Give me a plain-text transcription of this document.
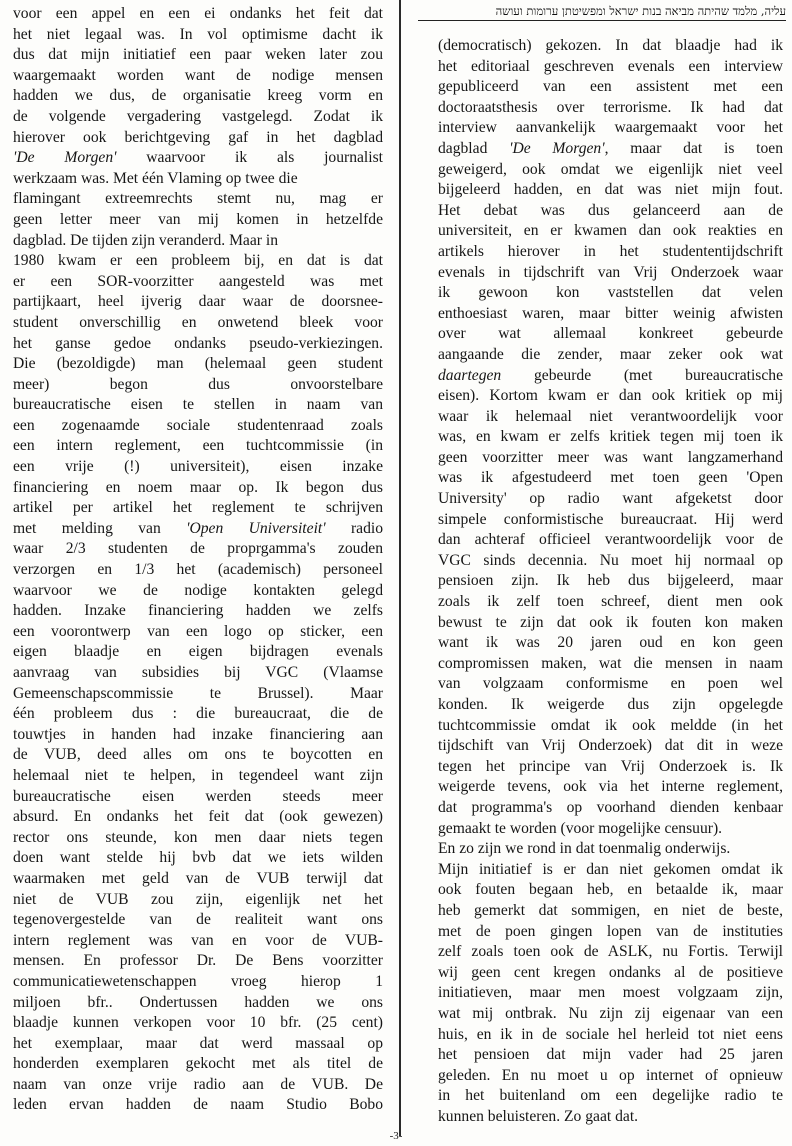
עליה, מלמד שהיתה מביאה בנות ישראל ומפשיטתן ערומות ועושה
voor een appel en een ei ondanks het feit dat
het niet legaal was. In vol optimisme dacht ik
dus dat mijn initiatief een paar weken later zou
waargemaakt worden want de nodige mensen
hadden we dus, de organisatie kreeg vorm en
de volgende vergadering vastgelegd. Zodat ik
hierover ook berichtgeving gaf in het dagblad
'De Morgen' waarvoor ik als journalist
werkzaam was. Met één Vlaming op twee die
flamingant extreemrechts stemt nu, mag er
geen letter meer van mij komen in hetzelfde
dagblad. De tijden zijn veranderd. Maar in
1980 kwam er een probleem bij, en dat is dat
er een SOR-voorzitter aangesteld was met
partijkaart, heel ijverig daar waar de doorsnee-
student onverschillig en onwetend bleek voor
het ganse gedoe ondanks pseudo-verkiezingen.
Die (bezoldigde) man (helemaal geen student
meer) begon dus onvoorstelbare
bureaucratische eisen te stellen in naam van
een zogenaamde sociale studentenraad zoals
een intern reglement, een tuchtcommissie (in
een vrije (!) universiteit), eisen inzake
financiering en noem maar op. Ik begon dus
artikel per artikel het reglement te schrijven
met melding van 'Open Universiteit' radio
waar 2/3 studenten de proprgamma's zouden
verzorgen en 1/3 het (academisch) personeel
waarvoor we de nodige kontakten gelegd
hadden. Inzake financiering hadden we zelfs
een voorontwerp van een logo op sticker, een
eigen blaadje en eigen bijdragen evenals
aanvraag van subsidies bij VGC (Vlaamse
Gemeenschapscommissie te Brussel). Maar
één probleem dus : die bureaucraat, die de
touwtjes in handen had inzake financiering aan
de VUB, deed alles om ons te boycotten en
helemaal niet te helpen, in tegendeel want zijn
bureaucratische eisen werden steeds meer
absurd. En ondanks het feit dat (ook gewezen)
rector ons steunde, kon men daar niets tegen
doen want stelde hij bvb dat we iets wilden
waarmaken met geld van de VUB terwijl dat
niet de VUB zou zijn, eigenlijk net het
tegenovergestelde van de realiteit want ons
intern reglement was van en voor de VUB-
mensen. En professor Dr. De Bens voorzitter
communicatiewetenschappen vroeg hierop 1
miljoen bfr.. Ondertussen hadden we ons
blaadje kunnen verkopen voor 10 bfr. (25 cent)
het exemplaar, maar dat werd massaal op
honderden exemplaren gekocht met als titel de
naam van onze vrije radio aan de VUB. De
leden ervan hadden de naam Studio Bobo
(democratisch) gekozen. In dat blaadje had ik
het editoriaal geschreven evenals een interview
gepubliceerd van een assistent met een
doctoraatsthesis over terrorisme. Ik had dat
interview aanvankelijk waargemaakt voor het
dagblad 'De Morgen', maar dat is toen
geweigerd, ook omdat we eigenlijk niet veel
bijgeleerd hadden, en dat was niet mijn fout.
Het debat was dus gelanceerd aan de
universiteit, en er kwamen dan ook reakties en
artikels hierover in het studententijdschrift
evenals in tijdschrift van Vrij Onderzoek waar
ik gewoon kon vaststellen dat velen
enthoesiast waren, maar bitter weinig afwisten
over wat allemaal konkreet gebeurde
aangaande die zender, maar zeker ook wat
daartegen gebeurde (met bureaucratische
eisen). Kortom kwam er dan ook kritiek op mij
waar ik helemaal niet verantwoordelijk voor
was, en kwam er zelfs kritiek tegen mij toen ik
geen voorzitter meer was want langzamerhand
was ik afgestudeerd met toen geen 'Open
University' op radio want afgeketst door
simpele conformistische bureaucraat. Hij werd
dan achteraf officieel verantwoordelijk voor de
VGC sinds decennia. Nu moet hij normaal op
pensioen zijn. Ik heb dus bijgeleerd, maar
zoals ik zelf toen schreef, dient men ook
bewust te zijn dat ook ik fouten kon maken
want ik was 20 jaren oud en kon geen
compromissen maken, wat die mensen in naam
van volgzaam conformisme en poen wel
konden. Ik weigerde dus zijn opgelegde
tuchtcommissie omdat ik ook meldde (in het
tijdschift van Vrij Onderzoek) dat dit in weze
tegen het principe van Vrij Onderzoek is. Ik
weigerde tevens, ook via het interne reglement,
dat programma's op voorhand dienden kenbaar
gemaakt te worden (voor mogelijke censuur).
En zo zijn we rond in dat toenmalig onderwijs.
Mijn initiatief is er dan niet gekomen omdat ik
ook fouten begaan heb, en betaalde ik, maar
heb gemerkt dat sommigen, en niet de beste,
met de poen gingen lopen van de instituties
zelf zoals toen ook de ASLK, nu Fortis. Terwijl
wij geen cent kregen ondanks al de positieve
initiatieven, maar men moest volgzaam zijn,
wat mij ontbrak. Nu zijn zij eigenaar van een
huis, en ik in de sociale hel herleid tot niet eens
het pensioen dat mijn vader had 25 jaren
geleden. En nu moet u op internet of opnieuw
in het buitenland om een degelijke radio te
kunnen beluisteren. Zo gaat dat.
-3-
